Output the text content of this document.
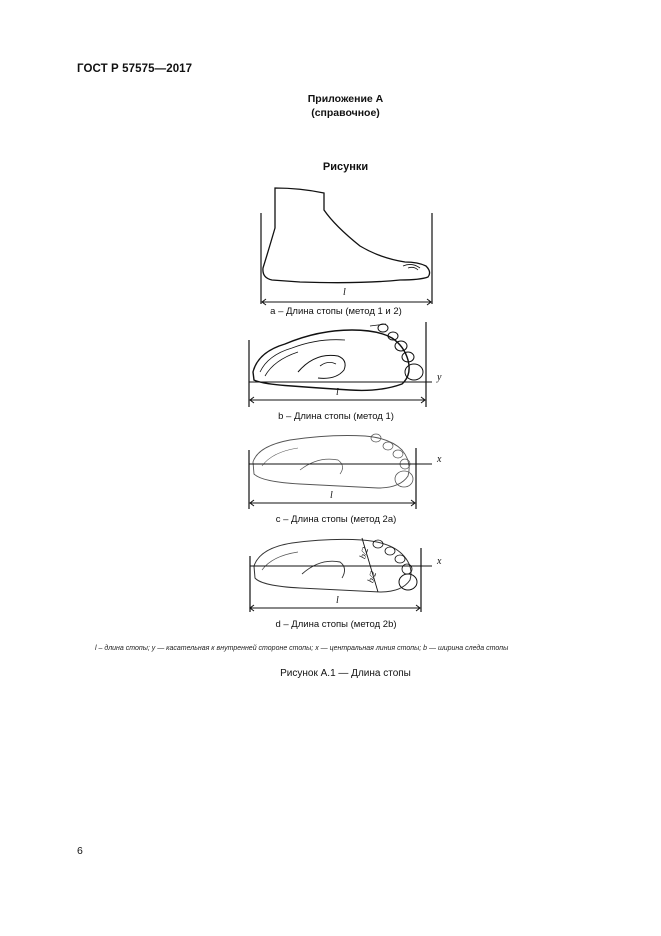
ГОСТ Р 57575—2017
Приложение А
(справочное)
Рисунки
l
l
y
l
x
l
x
b/2
b/2
а – Длина стопы (метод 1 и 2)
b – Длина стопы (метод 1)
с – Длина стопы (метод 2а)
d – Длина стопы (метод 2b)
l – длина стопы; y — касательная к внутренней стороне стопы; x — центральная линия стопы; b — ширина следа стопы
Рисунок А.1 — Длина стопы
6
